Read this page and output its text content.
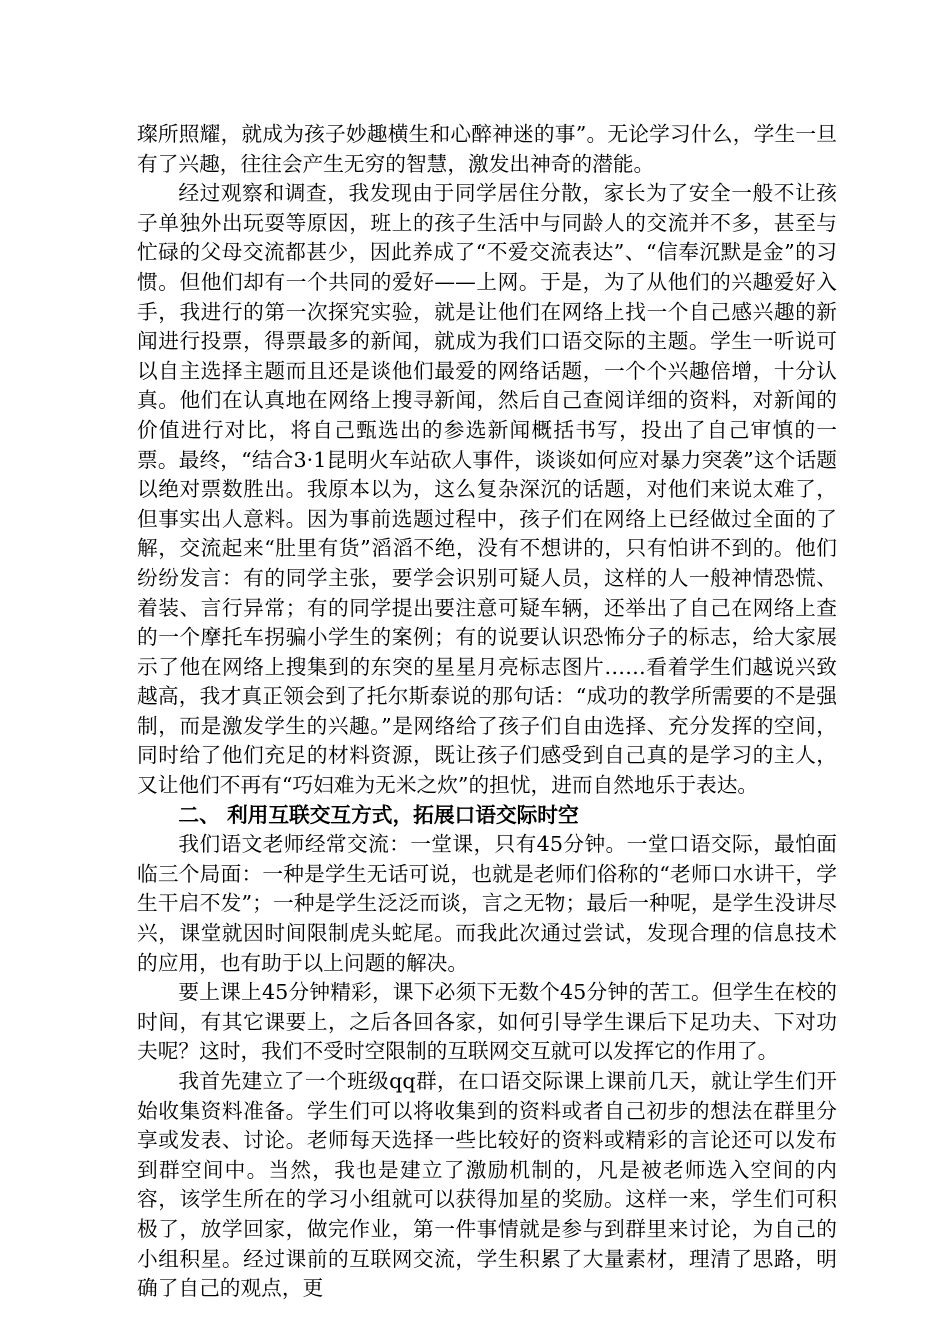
璨所照耀，就成为孩子妙趣横生和心醉神迷的事”。无论学习什么，学生一旦有了兴趣，往往会产生无穷的智慧，激发出神奇的潜能。

经过观察和调查，我发现由于同学居住分散，家长为了安全一般不让孩子单独外出玩耍等原因，班上的孩子生活中与同龄人的交流并不多，甚至与忙碌的父母交流都甚少，因此养成了“不爱交流表达”、“信奉沉默是金”的习惯。但他们却有一个共同的爱好——上网。于是，为了从他们的兴趣爱好入手，我进行的第一次探究实验，就是让他们在网络上找一个自己感兴趣的新闻进行投票，得票最多的新闻，就成为我们口语交际的主题。学生一听说可以自主选择主题而且还是谈他们最爱的网络话题，一个个兴趣倍增，十分认真。他们在认真地在网络上搜寻新闻，然后自己查阅详细的资料，对新闻的价值进行对比，将自己甄选出的参选新闻概括书写，投出了自己审慎的一票。最终，“结合3·1昆明火车站砍人事件，谈谈如何应对暴力突袭”这个话题以绝对票数胜出。我原本以为，这么复杂深沉的话题，对他们来说太难了，但事实出人意料。因为事前选题过程中，孩子们在网络上已经做过全面的了解，交流起来“肚里有货”滔滔不绝，没有不想讲的，只有怕讲不到的。他们纷纷发言：有的同学主张，要学会识别可疑人员，这样的人一般神情恐慌、着装、言行异常；有的同学提出要注意可疑车辆，还举出了自己在网络上查的一个摩托车拐骗小学生的案例；有的说要认识恐怖分子的标志，给大家展示了他在网络上搜集到的东突的星星月亮标志图片……看着学生们越说兴致越高，我才真正领会到了托尔斯泰说的那句话：“成功的教学所需要的不是强制，而是激发学生的兴趣。”是网络给了孩子们自由选择、充分发挥的空间，同时给了他们充足的材料资源，既让孩子们感受到自己真的是学习的主人，又让他们不再有“巧妇难为无米之炊”的担忧，进而自然地乐于表达。

二、 利用互联交互方式，拓展口语交际时空

我们语文老师经常交流：一堂课，只有45分钟。一堂口语交际，最怕面临三个局面：一种是学生无话可说，也就是老师们俗称的“老师口水讲干，学生干启不发”；一种是学生泛泛而谈，言之无物；最后一种呢，是学生没讲尽兴，课堂就因时间限制虎头蛇尾。而我此次通过尝试，发现合理的信息技术的应用，也有助于以上问题的解决。

要上课上45分钟精彩，课下必须下无数个45分钟的苦工。但学生在校的时间，有其它课要上，之后各回各家，如何引导学生课后下足功夫、下对功夫呢？这时，我们不受时空限制的互联网交互就可以发挥它的作用了。

我首先建立了一个班级qq群，在口语交际课上课前几天，就让学生们开始收集资料准备。学生们可以将收集到的资料或者自己初步的想法在群里分享或发表、讨论。老师每天选择一些比较好的资料或精彩的言论还可以发布到群空间中。当然，我也是建立了激励机制的，凡是被老师选入空间的内容，该学生所在的学习小组就可以获得加星的奖励。这样一来，学生们可积极了，放学回家，做完作业，第一件事情就是参与到群里来讨论，为自己的小组积星。经过课前的互联网交流，学生积累了大量素材，理清了思路，明确了自己的观点，更
